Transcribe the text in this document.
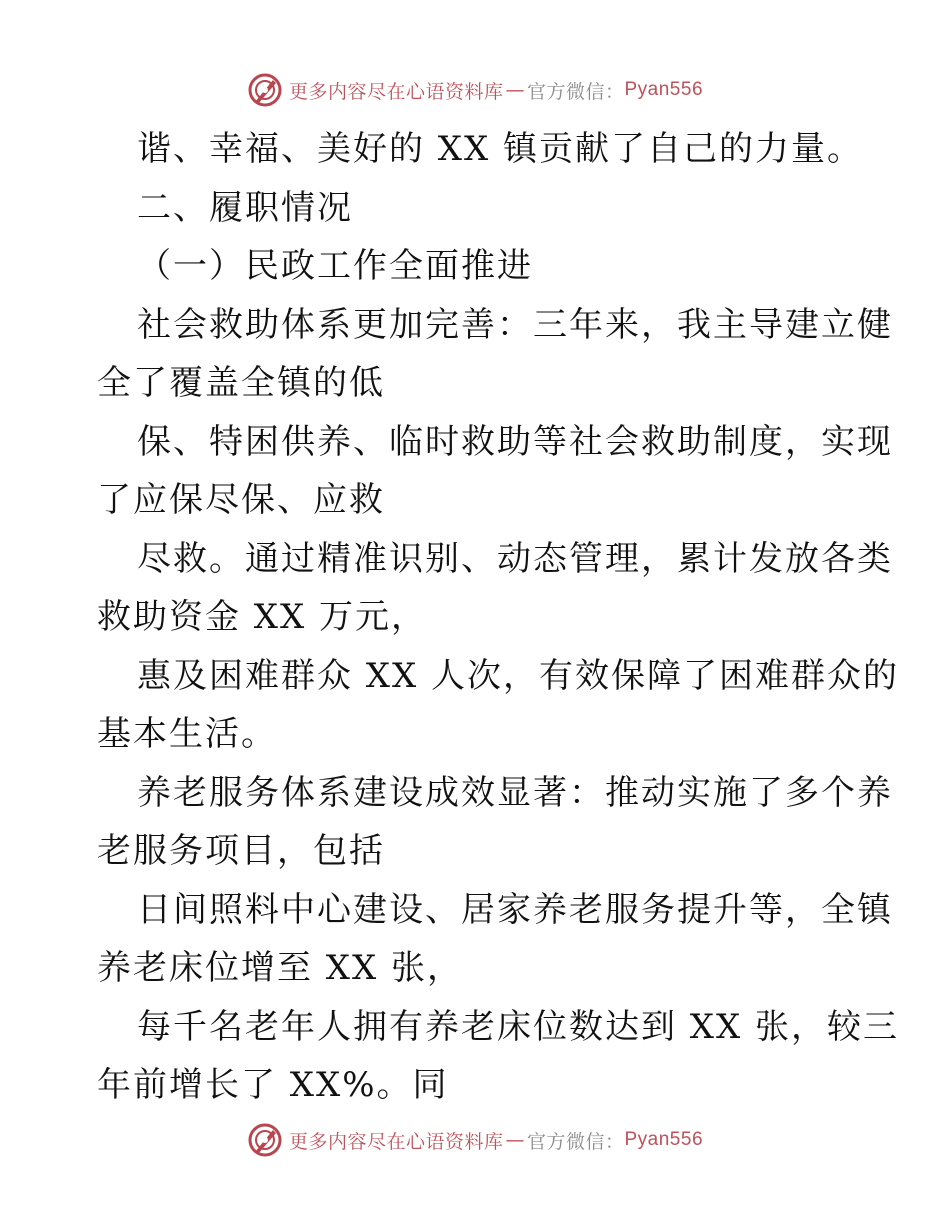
更多内容尽在心语资料库 — 官方微信： Pyan556
谐、幸福、美好的 XX 镇贡献了自己的力量。
二、履职情况
（一）民政工作全面推进
社会救助体系更加完善：三年来，我主导建立健
全了覆盖全镇的低
保、特困供养、临时救助等社会救助制度，实现
了应保尽保、应救
尽救。通过精准识别、动态管理，累计发放各类
救助资金 XX 万元，
惠及困难群众 XX 人次，有效保障了困难群众的
基本生活。
养老服务体系建设成效显著：推动实施了多个养
老服务项目，包括
日间照料中心建设、居家养老服务提升等，全镇
养老床位增至 XX 张，
每千名老年人拥有养老床位数达到 XX 张，较三
年前增长了 XX%。同
更多内容尽在心语资料库 — 官方微信： Pyan556
